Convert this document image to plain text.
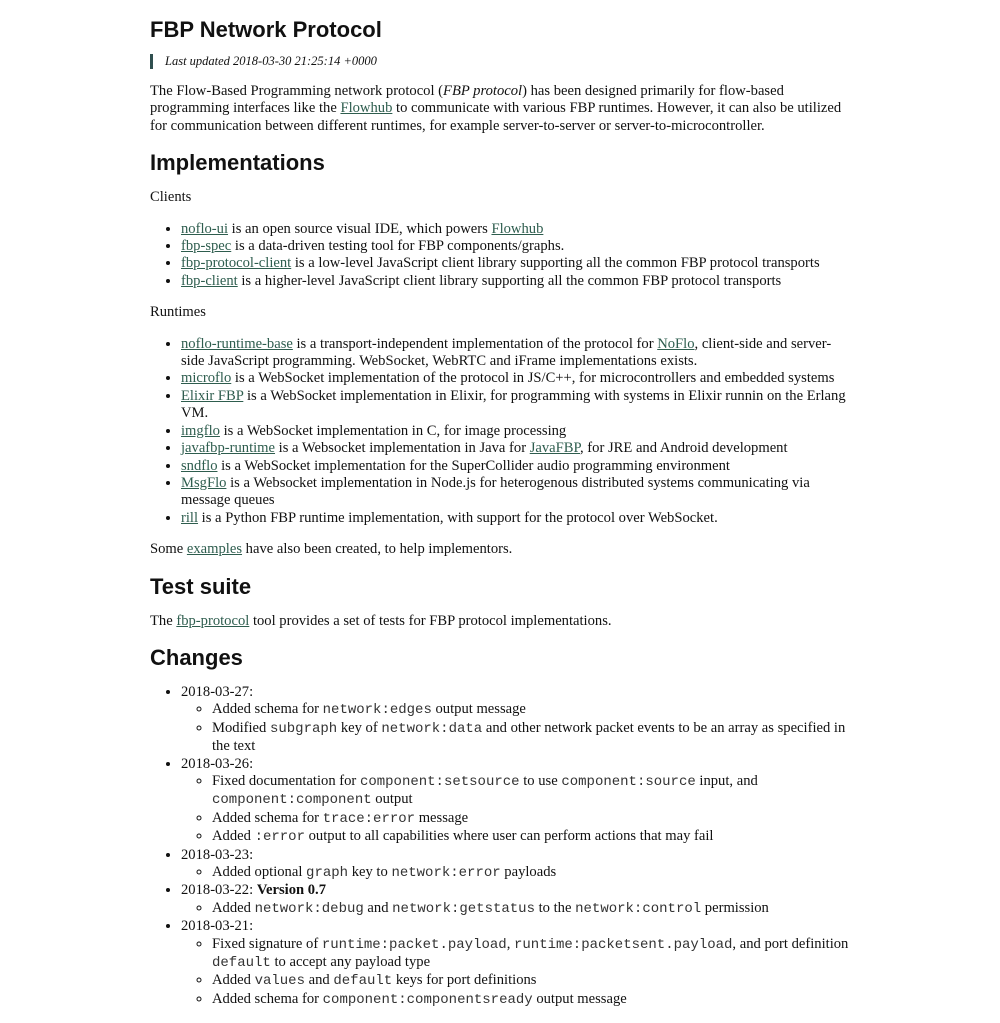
FBP Network Protocol
Last updated 2018-03-30 21:25:14 +0000

The Flow-Based Programming network protocol (FBP protocol) has been designed primarily for flow-based programming interfaces like the Flowhub to communicate with various FBP runtimes. However, it can also be utilized for communication between different runtimes, for example server-to-server or server-to-microcontroller.

Implementations

Clients

• noflo-ui is an open source visual IDE, which powers Flowhub
• fbp-spec is a data-driven testing tool for FBP components/graphs.
• fbp-protocol-client is a low-level JavaScript client library supporting all the common FBP protocol transports
• fbp-client is a higher-level JavaScript client library supporting all the common FBP protocol transports

Runtimes

• noflo-runtime-base is a transport-independent implementation of the protocol for NoFlo, client-side and server-side JavaScript programming. WebSocket, WebRTC and iFrame implementations exists.
• microflo is a WebSocket implementation of the protocol in JS/C++, for microcontrollers and embedded systems
• Elixir FBP is a WebSocket implementation in Elixir, for programming with systems in Elixir runnin on the Erlang VM.
• imgflo is a WebSocket implementation in C, for image processing
• javafbp-runtime is a Websocket implementation in Java for JavaFBP, for JRE and Android development
• sndflo is a WebSocket implementation for the SuperCollider audio programming environment
• MsgFlo is a Websocket implementation in Node.js for heterogenous distributed systems communicating via message queues
• rill is a Python FBP runtime implementation, with support for the protocol over WebSocket.

Some examples have also been created, to help implementors.

Test suite

The fbp-protocol tool provides a set of tests for FBP protocol implementations.

Changes
• 2018-03-27:
◦ Added schema for network:edges output message
◦ Modified subgraph key of network:data and other network packet events to be an array as specified in the text
• 2018-03-26:
◦ Fixed documentation for component:setsource to use component:source input, and component:component output
◦ Added schema for trace:error message
◦ Added :error output to all capabilities where user can perform actions that may fail
• 2018-03-23:
◦ Added optional graph key to network:error payloads
• 2018-03-22: Version 0.7
◦ Added network:debug and network:getstatus to the network:control permission
• 2018-03-21:
◦ Fixed signature of runtime:packet.payload, runtime:packetsent.payload, and port definition default to accept any payload type
◦ Added values and default keys for port definitions
◦ Added schema for component:componentsready output message
